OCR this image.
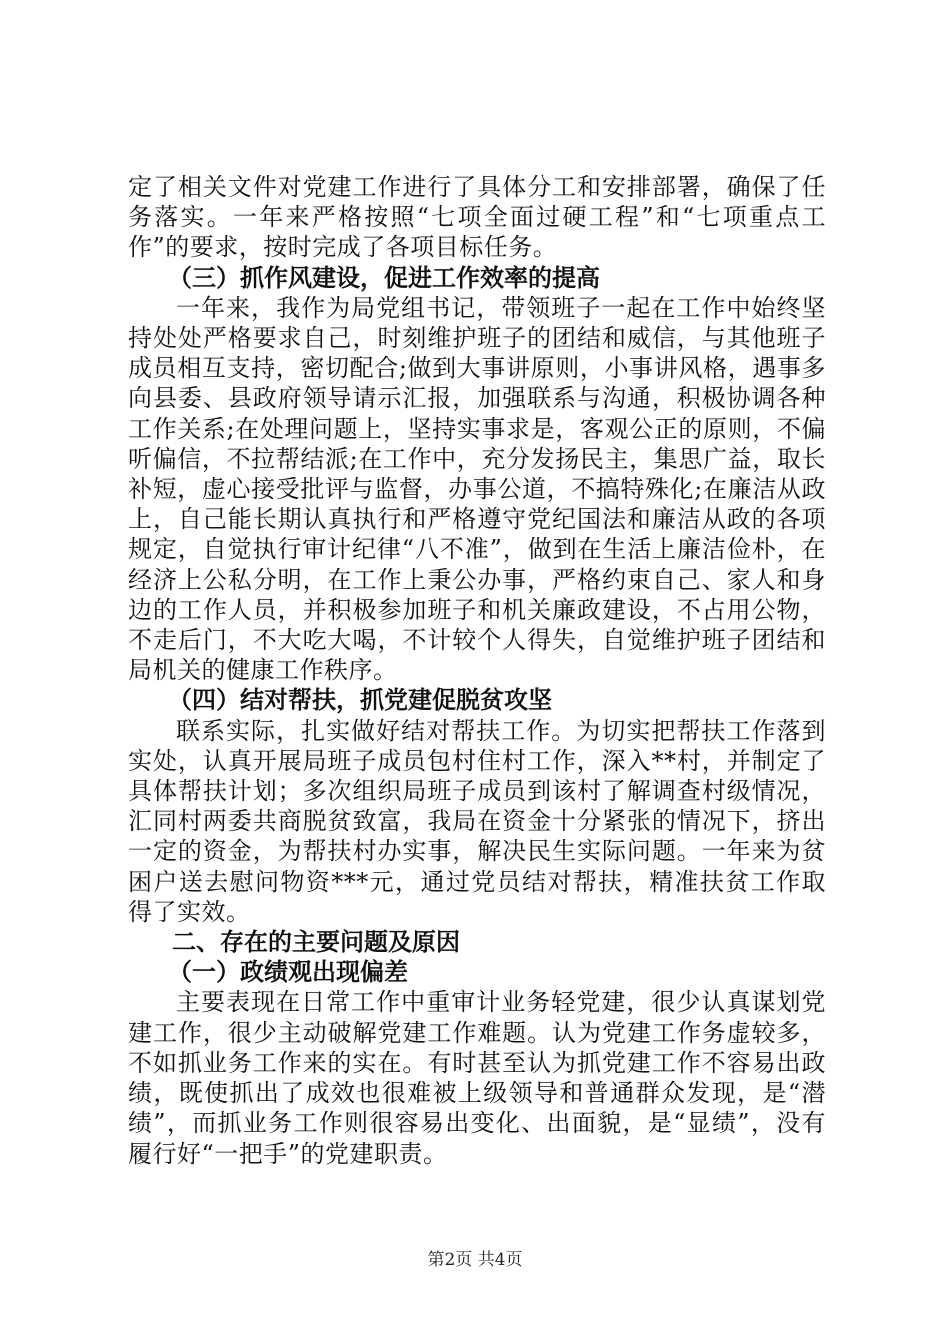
定了相关文件对党建工作进行了具体分工和安排部署，确保了任务落实。一年来严格按照“七项全面过硬工程”和“七项重点工作”的要求，按时完成了各项目标任务。

（三）抓作风建设，促进工作效率的提高

一年来，我作为局党组书记，带领班子一起在工作中始终坚持处处严格要求自己，时刻维护班子的团结和威信，与其他班子成员相互支持，密切配合;做到大事讲原则，小事讲风格，遇事多向县委、县政府领导请示汇报，加强联系与沟通，积极协调各种工作关系;在处理问题上，坚持实事求是，客观公正的原则，不偏听偏信，不拉帮结派;在工作中，充分发扬民主，集思广益，取长补短，虚心接受批评与监督，办事公道，不搞特殊化;在廉洁从政上，自己能长期认真执行和严格遵守党纪国法和廉洁从政的各项规定，自觉执行审计纪律“八不准”，做到在生活上廉洁俭朴，在经济上公私分明，在工作上秉公办事，严格约束自己、家人和身边的工作人员，并积极参加班子和机关廉政建设，不占用公物，不走后门，不大吃大喝，不计较个人得失，自觉维护班子团结和局机关的健康工作秩序。

（四）结对帮扶，抓党建促脱贫攻坚

联系实际，扎实做好结对帮扶工作。为切实把帮扶工作落到实处，认真开展局班子成员包村住村工作，深入**村，并制定了具体帮扶计划；多次组织局班子成员到该村了解调查村级情况，汇同村两委共商脱贫致富，我局在资金十分紧张的情况下，挤出一定的资金，为帮扶村办实事，解决民生实际问题。一年来为贫困户送去慰问物资***元，通过党员结对帮扶，精准扶贫工作取得了实效。

二、存在的主要问题及原因

（一）政绩观出现偏差

主要表现在日常工作中重审计业务轻党建，很少认真谋划党建工作，很少主动破解党建工作难题。认为党建工作务虚较多，不如抓业务工作来的实在。有时甚至认为抓党建工作不容易出政绩，既使抓出了成效也很难被上级领导和普通群众发现，是“潜绩”，而抓业务工作则很容易出变化、出面貌，是“显绩”，没有履行好“一把手”的党建职责。

第2页 共4页
